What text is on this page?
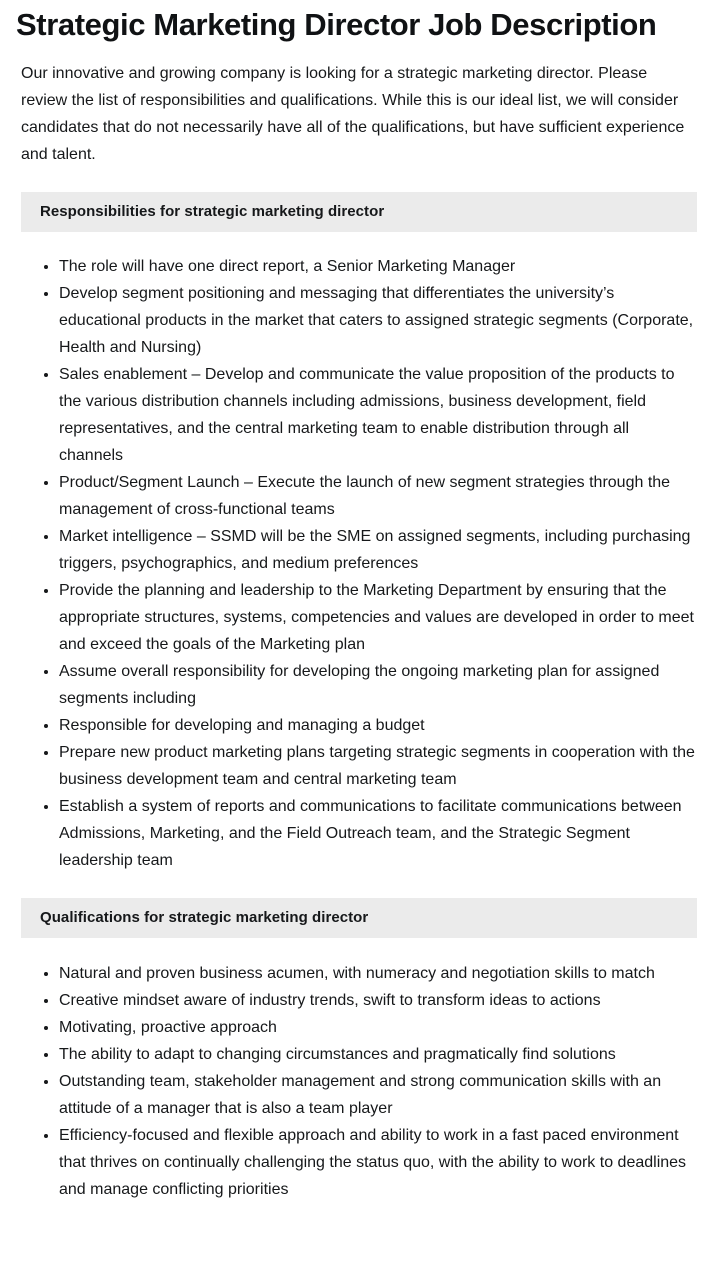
Strategic Marketing Director Job Description

Our innovative and growing company is looking for a strategic marketing director. Please review the list of responsibilities and qualifications. While this is our ideal list, we will consider candidates that do not necessarily have all of the qualifications, but have sufficient experience and talent.

Responsibilities for strategic marketing director
The role will have one direct report, a Senior Marketing Manager
Develop segment positioning and messaging that differentiates the university’s educational products in the market that caters to assigned strategic segments (Corporate, Health and Nursing)
Sales enablement – Develop and communicate the value proposition of the products to the various distribution channels including admissions, business development, field representatives, and the central marketing team to enable distribution through all channels
Product/Segment Launch – Execute the launch of new segment strategies through the management of cross-functional teams
Market intelligence – SSMD will be the SME on assigned segments, including purchasing triggers, psychographics, and medium preferences
Provide the planning and leadership to the Marketing Department by ensuring that the appropriate structures, systems, competencies and values are developed in order to meet and exceed the goals of the Marketing plan
Assume overall responsibility for developing the ongoing marketing plan for assigned segments including
Responsible for developing and managing a budget
Prepare new product marketing plans targeting strategic segments in cooperation with the business development team and central marketing team
Establish a system of reports and communications to facilitate communications between Admissions, Marketing, and the Field Outreach team, and the Strategic Segment leadership team
Qualifications for strategic marketing director
Natural and proven business acumen, with numeracy and negotiation skills to match
Creative mindset aware of industry trends, swift to transform ideas to actions
Motivating, proactive approach
The ability to adapt to changing circumstances and pragmatically find solutions
Outstanding team, stakeholder management and strong communication skills with an attitude of a manager that is also a team player
Efficiency-focused and flexible approach and ability to work in a fast paced environment that thrives on continually challenging the status quo, with the ability to work to deadlines and manage conflicting priorities
